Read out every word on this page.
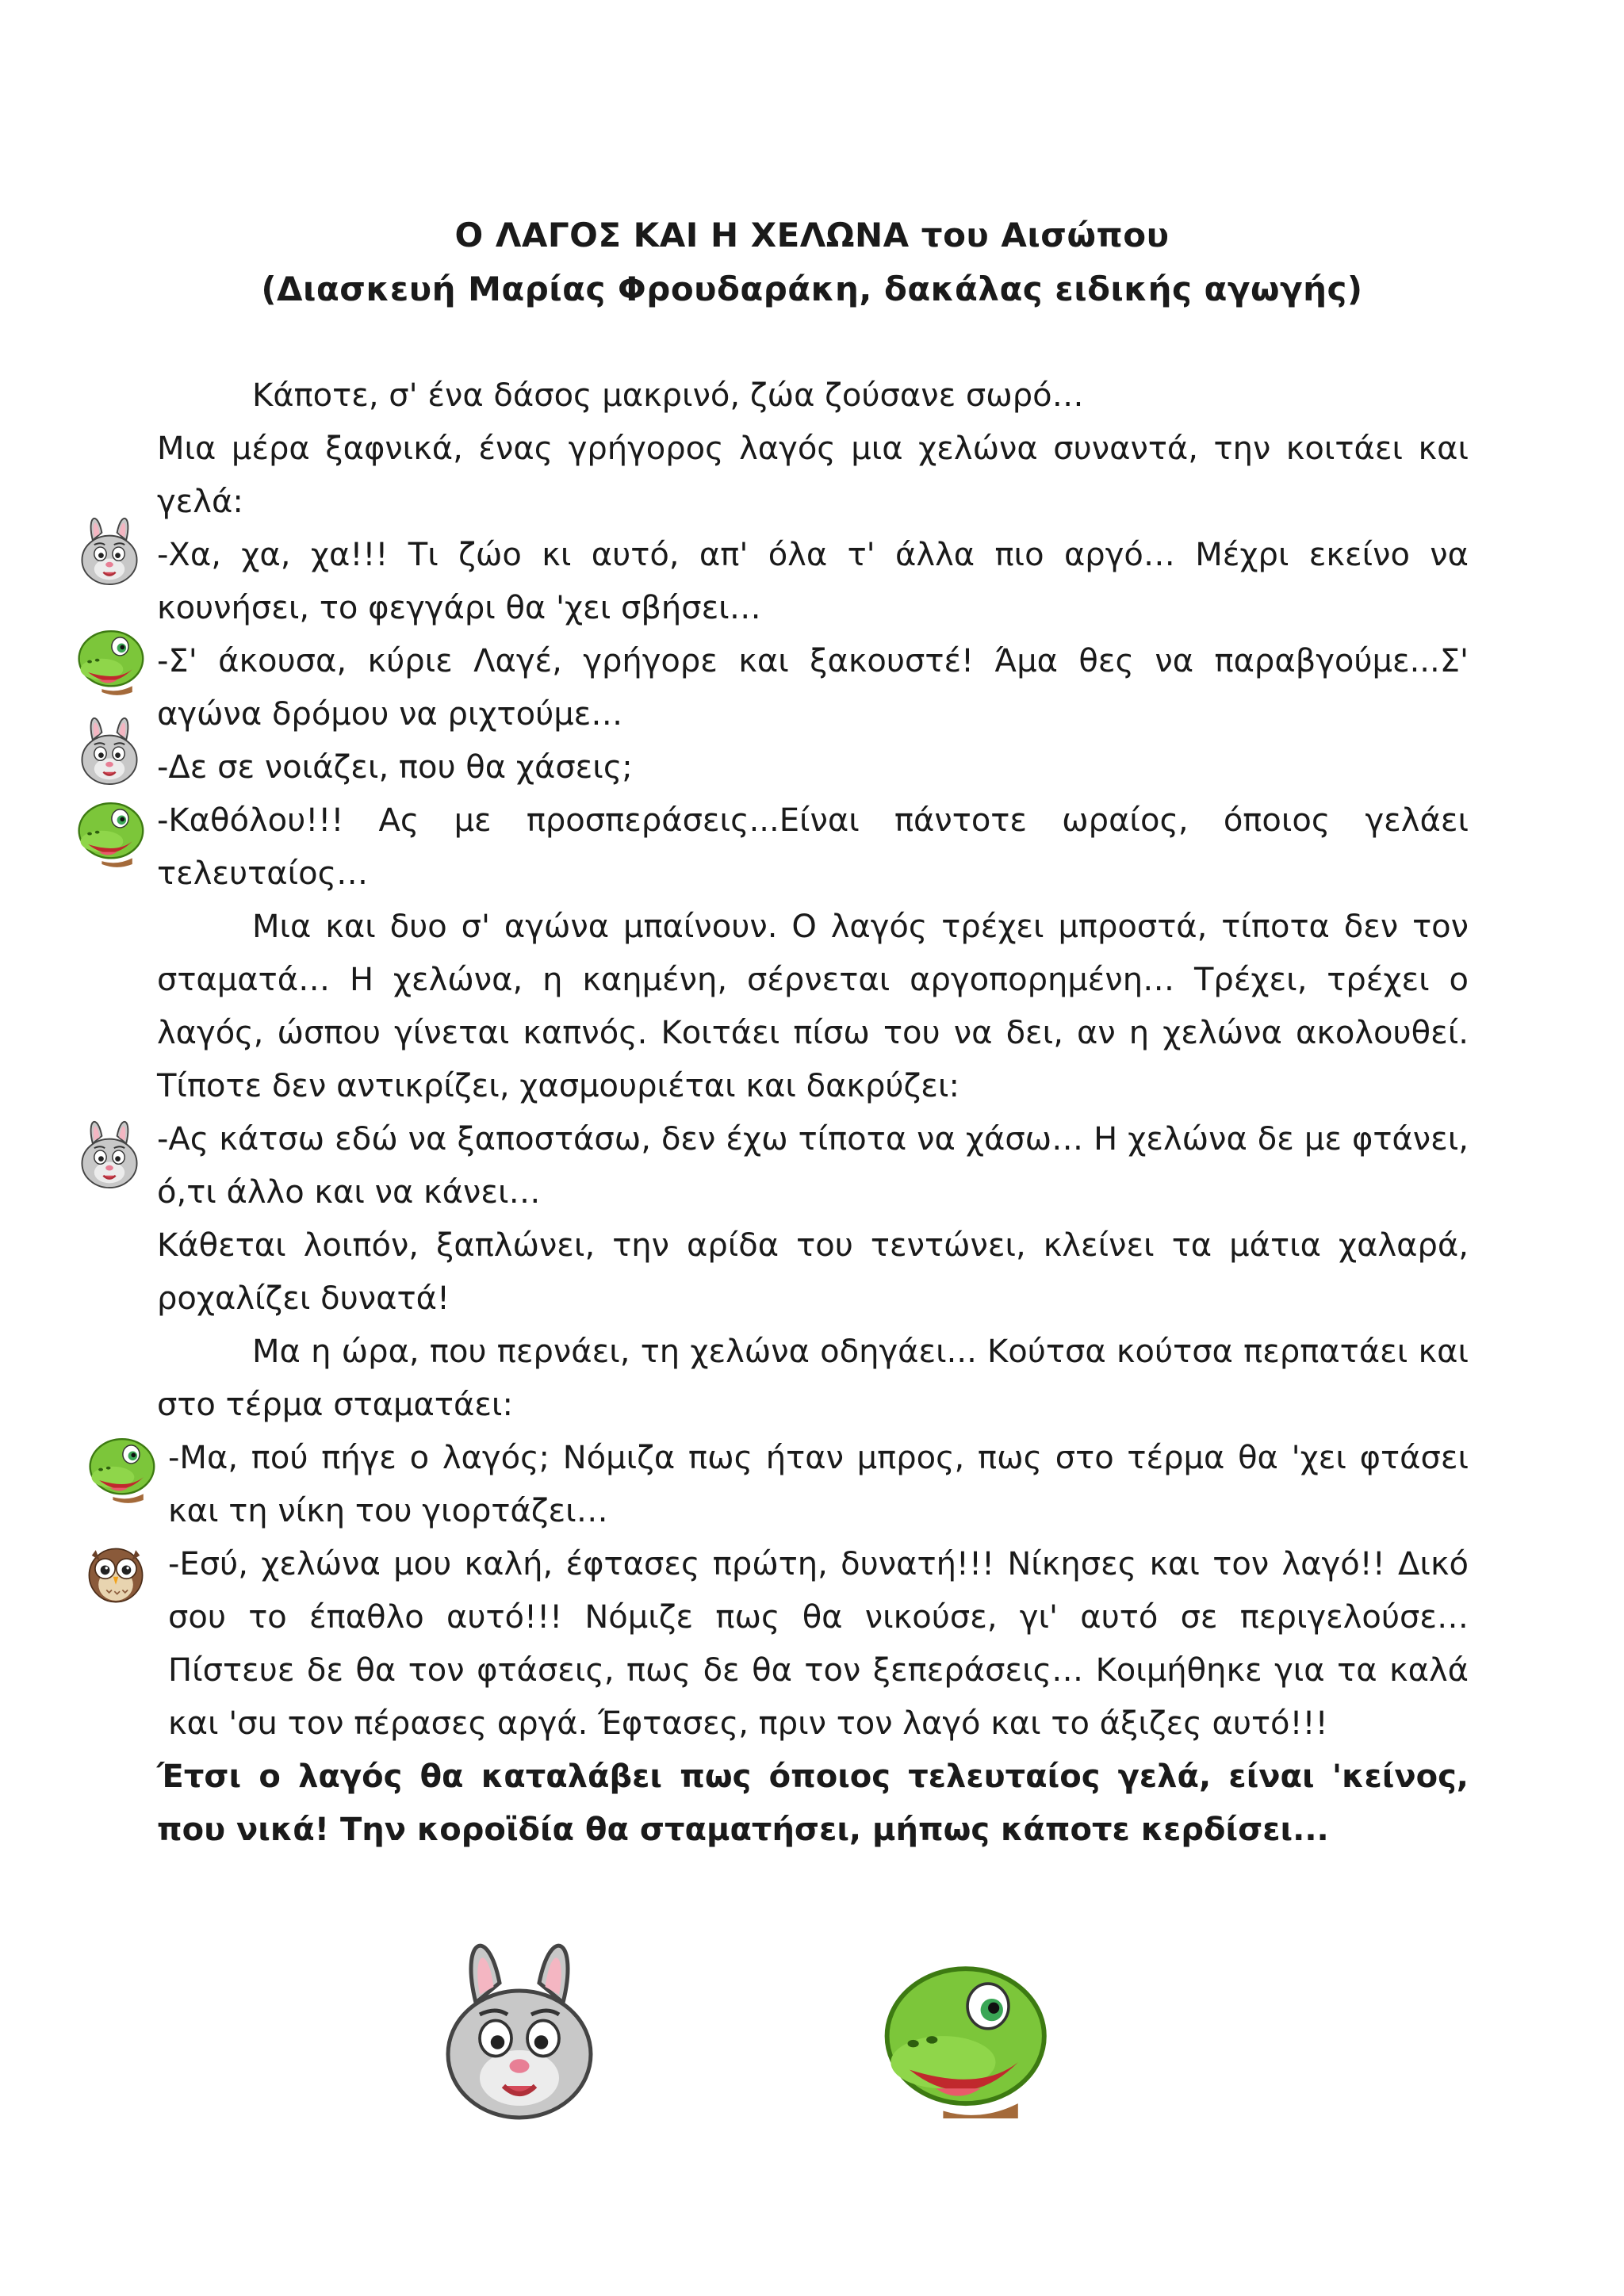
Ο ΛΑΓΟΣ ΚΑΙ Η ΧΕΛΩΝΑ του Αισώπου
(Διασκευή Μαρίας Φρουδαράκη, δακάλας ειδικής αγωγής)

Κάποτε, σ' ένα δάσος μακρινό, ζώα ζούσανε σωρό…

Μια μέρα ξαφνικά, ένας γρήγορος λαγός μια χελώνα συναντά, την κοιτάει και γελά:

-Χα, χα, χα!!! Τι ζώο κι αυτό, απ' όλα τ' άλλα πιο αργό… Μέχρι εκείνο να κουνήσει, το φεγγάρι θα 'χει σβήσει…

-Σ' άκουσα, κύριε Λαγέ, γρήγορε και ξακουστέ! Άμα θες να παραβγούμε...Σ' αγώνα δρόμου να ριχτούμε…

-Δε σε νοιάζει, που θα χάσεις;

-Καθόλου!!! Ας με προσπεράσεις...Είναι πάντοτε ωραίος, όποιος γελάει τελευταίος…

Μια και δυο σ' αγώνα μπαίνουν. Ο λαγός τρέχει μπροστά, τίποτα δεν τον σταματά… Η χελώνα, η καημένη, σέρνεται αργοπορημένη… Τρέχει, τρέχει ο λαγός, ώσπου γίνεται καπνός. Κοιτάει πίσω του να δει, αν η χελώνα ακολουθεί. Τίποτε δεν αντικρίζει, χασμουριέται και δακρύζει:

-Ας κάτσω εδώ να ξαποστάσω, δεν έχω τίποτα να χάσω… Η χελώνα δε με φτάνει, ό,τι άλλο και να κάνει…

Κάθεται λοιπόν, ξαπλώνει, την αρίδα του τεντώνει, κλείνει τα μάτια χαλαρά, ροχαλίζει δυνατά!

Μα η ώρα, που περνάει, τη χελώνα οδηγάει... Κούτσα κούτσα περπατάει και στο τέρμα σταματάει:

-Μα, πού πήγε ο λαγός; Νόμιζα πως ήταν μπρος, πως στο τέρμα θα 'χει φτάσει και τη νίκη του γιορτάζει…

-Εσύ, χελώνα μου καλή, έφτασες πρώτη, δυνατή!!! Νίκησες και τον λαγό!! Δικό σου το έπαθλο αυτό!!! Νόμιζε πως θα νικούσε, γι' αυτό σε περιγελούσε… Πίστευε δε θα τον φτάσεις, πως δε θα τον ξεπεράσεις… Κοιμήθηκε για τα καλά και 'σu τον πέρασες αργά. Έφτασες, πριν τον λαγό και το άξιζες αυτό!!!

Έτσι ο λαγός θα καταλάβει πως όποιος τελευταίος γελά, είναι 'κείνος, που νικά! Την κοροϊδία θα σταματήσει, μήπως κάποτε κερδίσει...
